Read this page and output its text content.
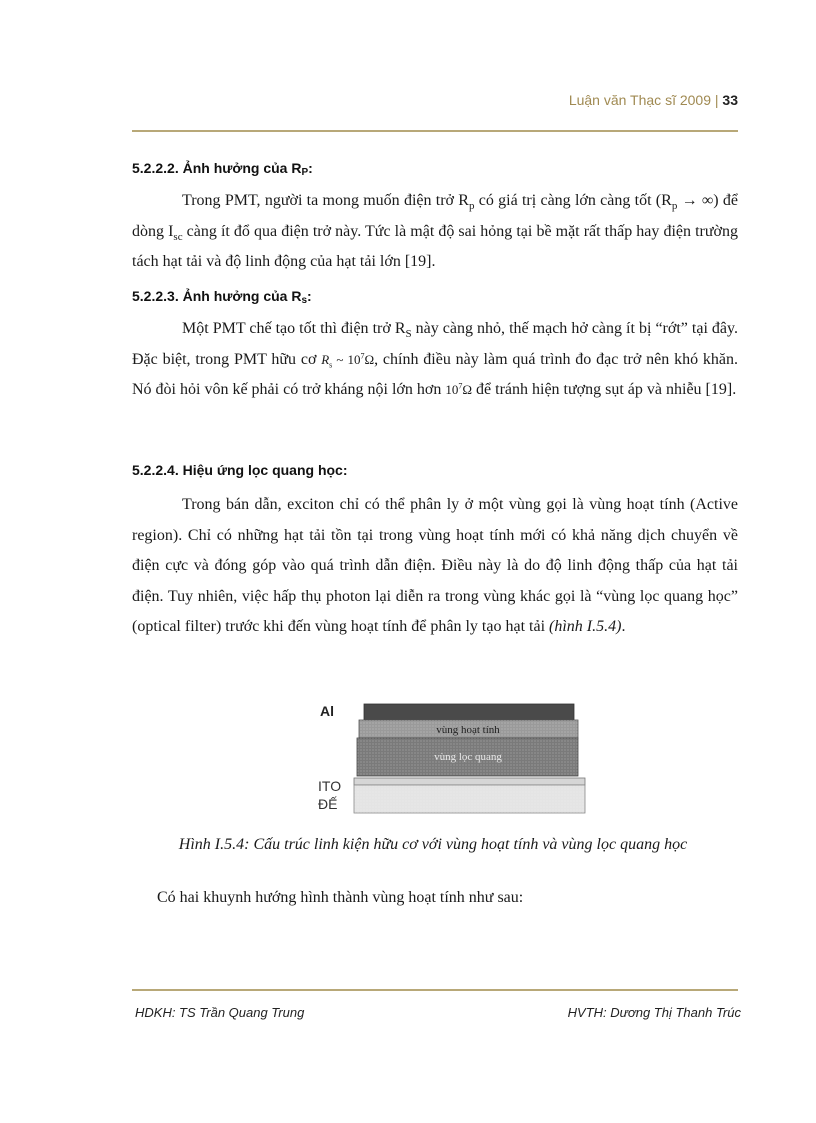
Luận văn Thạc sĩ 2009 | 33
5.2.2.2. Ảnh hưởng của $R_P$:

Trong PMT, người ta mong muốn điện trở $R_p$ có giá trị càng lớn càng tốt ($R_p$ → ∞) để dòng $I_{sc}$ càng ít đổ qua điện trở này. Tức là mật độ sai hỏng tại bề mặt rất thấp hay điện trường tách hạt tải và độ linh động của hạt tải lớn [19].

5.2.2.3. Ảnh hưởng của $R_s$:

Một PMT chế tạo tốt thì điện trở $R_S$ này càng nhỏ, thế mạch hở càng ít bị “rớt” tại đây. Đặc biệt, trong PMT hữu cơ $R_s$ ~ $10^7\Omega$, chính điều này làm quá trình đo đạc trở nên khó khăn. Nó đòi hỏi vôn kế phải có trở kháng nội lớn hơn $10^7\Omega$ để tránh hiện tượng sụt áp và nhiễu [19].

5.2.2.4. Hiệu ứng lọc quang học:

Trong bán dẫn, exciton chỉ có thể phân ly ở một vùng gọi là vùng hoạt tính (Active region). Chỉ có những hạt tải tồn tại trong vùng hoạt tính mới có khả năng dịch chuyển về điện cực và đóng góp vào quá trình dẫn điện. Điều này là do độ linh động thấp của hạt tải điện. Tuy nhiên, việc hấp thụ photon lại diễn ra trong vùng khác gọi là “vùng lọc quang học” (optical filter) trước khi đến vùng hoạt tính để phân ly tạo hạt tải (hình I.5.4).

Al
vùng hoạt tính
vùng lọc quang
ITO
ĐẾ
Hình I.5.4: Cấu trúc linh kiện hữu cơ với vùng hoạt tính và vùng lọc quang học
Có hai khuynh hướng hình thành vùng hoạt tính như sau:
HDKH: TS Trần Quang Trung	HVTH: Dương Thị Thanh Trúc
